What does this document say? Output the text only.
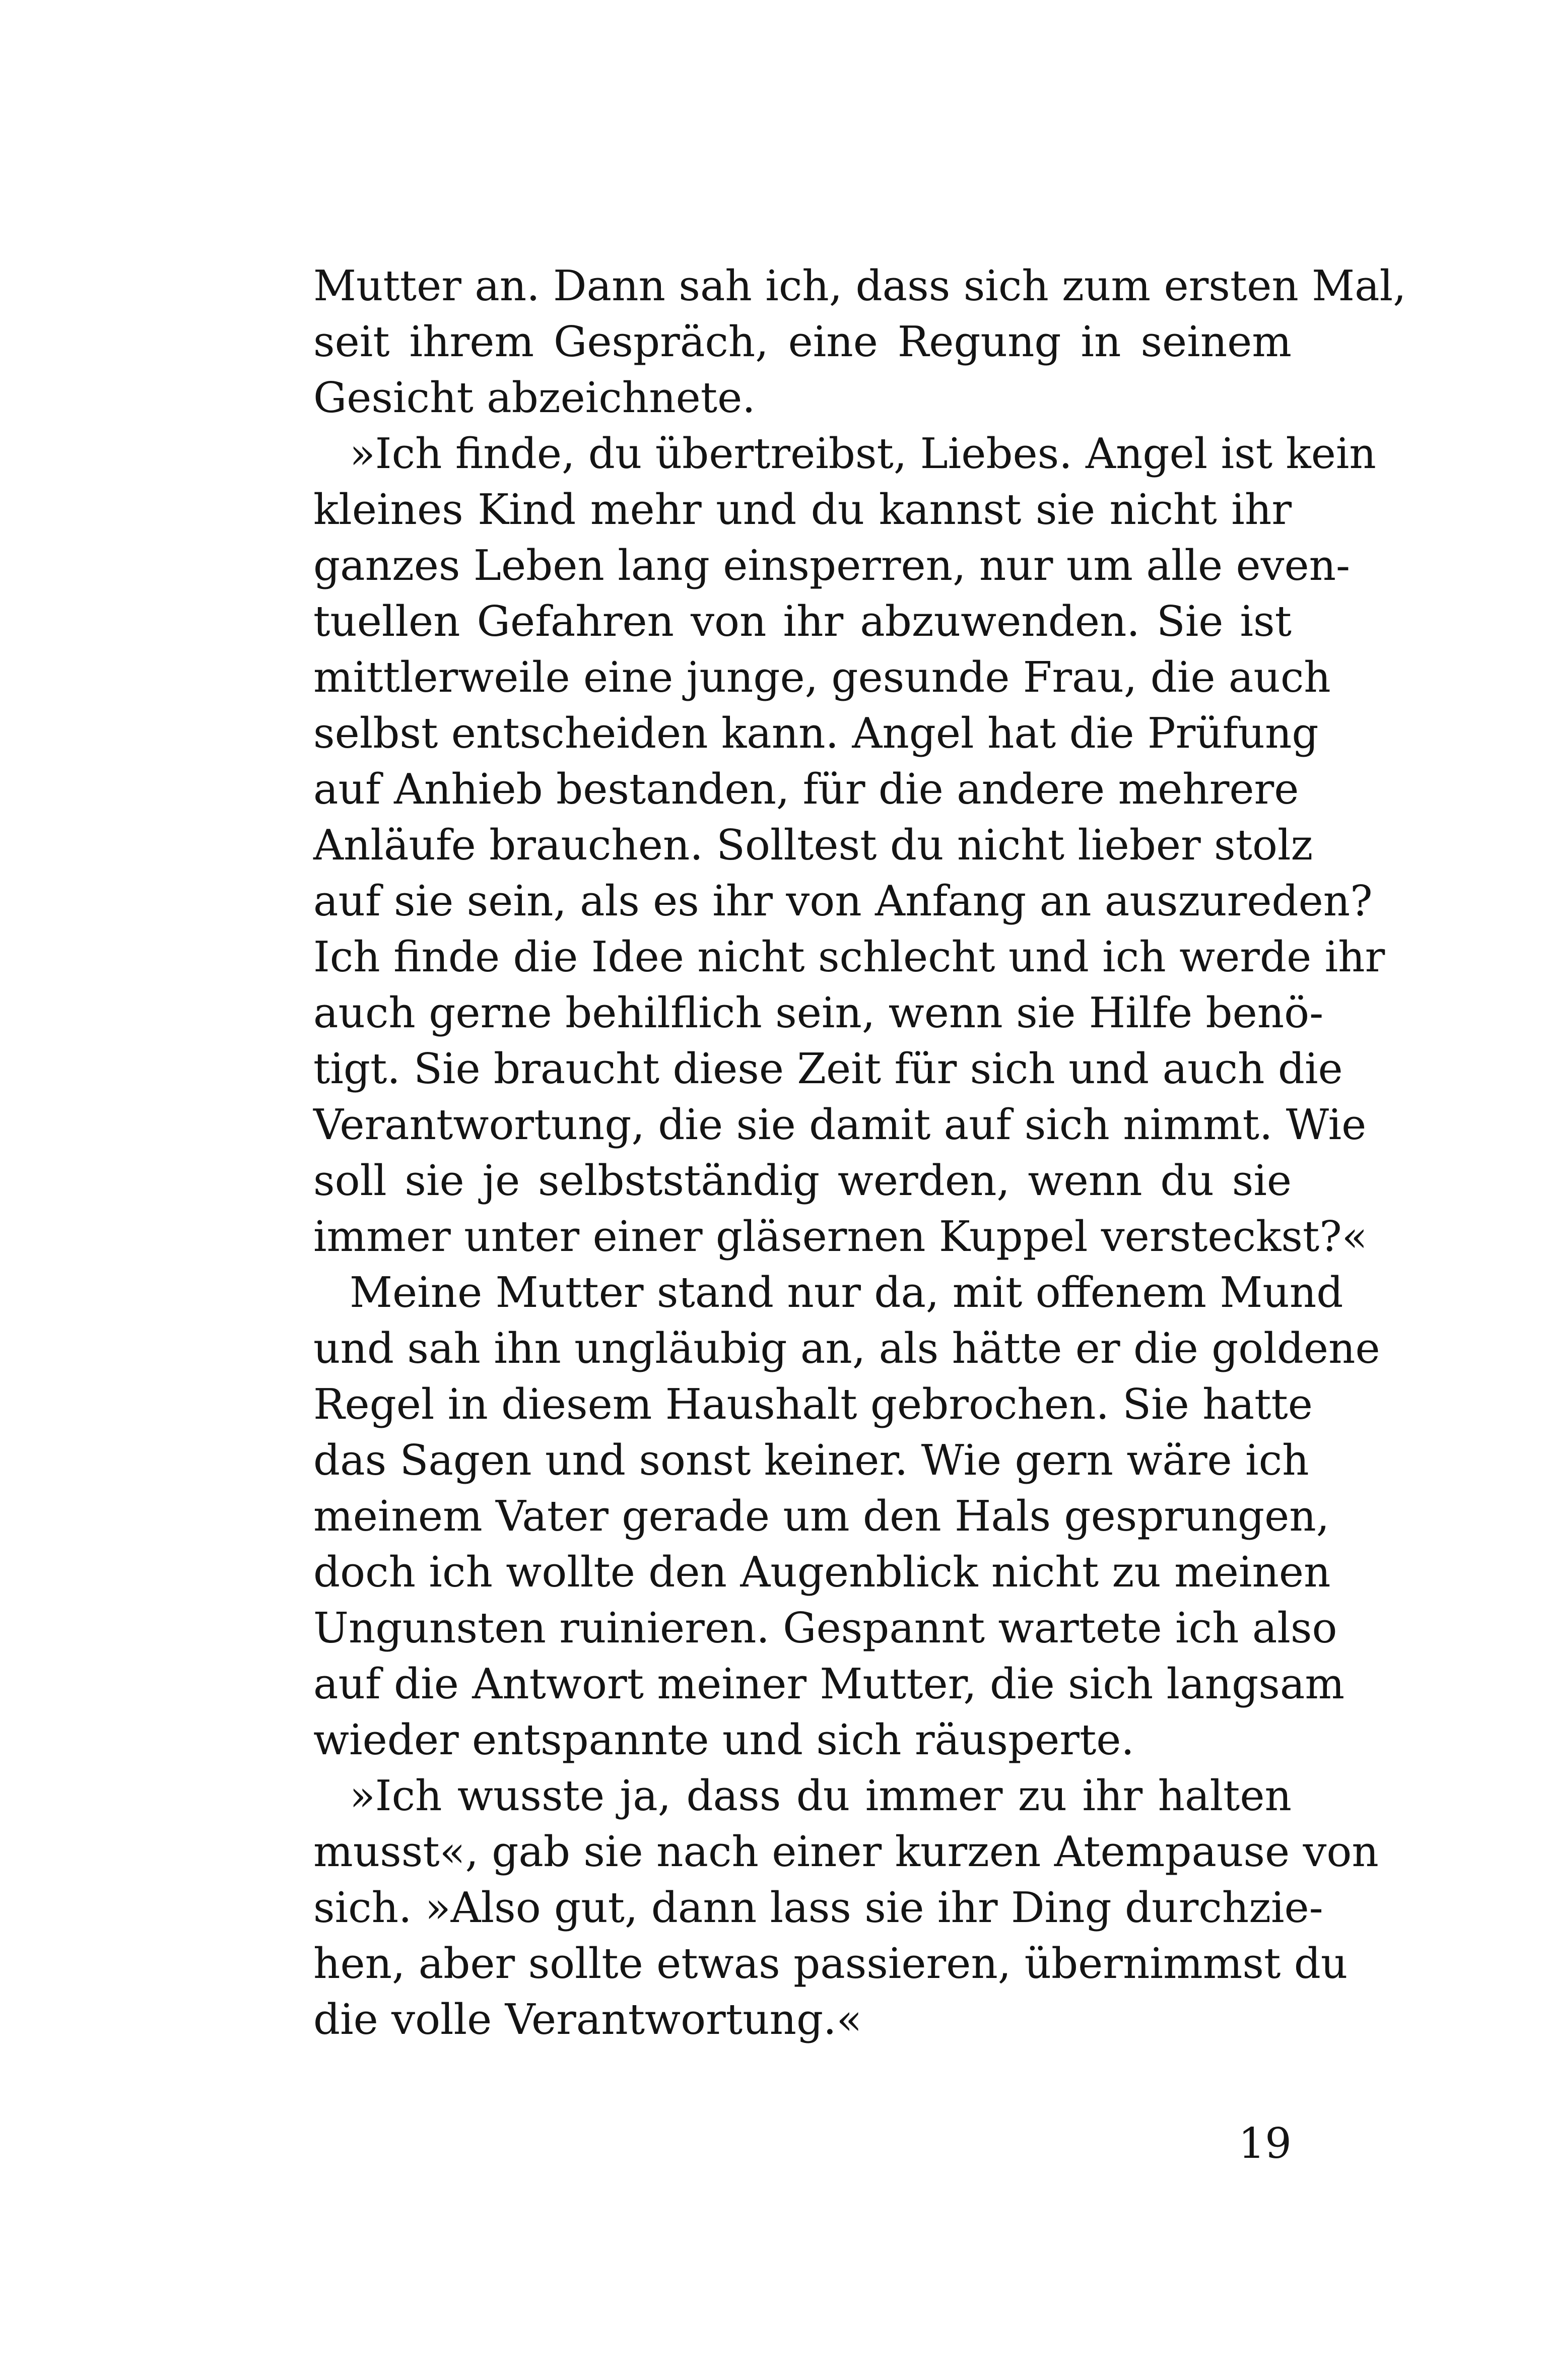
Mutter an. Dann sah ich, dass sich zum ersten Mal,
seit ihrem Gespräch, eine Regung in seinem
Gesicht abzeichnete.
»Ich finde, du übertreibst, Liebes. Angel ist kein
kleines Kind mehr und du kannst sie nicht ihr
ganzes Leben lang einsperren, nur um alle even-
tuellen Gefahren von ihr abzuwenden. Sie ist
mittlerweile eine junge, gesunde Frau, die auch
selbst entscheiden kann. Angel hat die Prüfung
auf Anhieb bestanden, für die andere mehrere
Anläufe brauchen. Solltest du nicht lieber stolz
auf sie sein, als es ihr von Anfang an auszureden?
Ich finde die Idee nicht schlecht und ich werde ihr
auch gerne behilflich sein, wenn sie Hilfe benö-
tigt. Sie braucht diese Zeit für sich und auch die
Verantwortung, die sie damit auf sich nimmt. Wie
soll sie je selbstständig werden, wenn du sie
immer unter einer gläsernen Kuppel versteckst?«
Meine Mutter stand nur da, mit offenem Mund
und sah ihn ungläubig an, als hätte er die goldene
Regel in diesem Haushalt gebrochen. Sie hatte
das Sagen und sonst keiner. Wie gern wäre ich
meinem Vater gerade um den Hals gesprungen,
doch ich wollte den Augenblick nicht zu meinen
Ungunsten ruinieren. Gespannt wartete ich also
auf die Antwort meiner Mutter, die sich langsam
wieder entspannte und sich räusperte.
»Ich wusste ja, dass du immer zu ihr halten
musst«, gab sie nach einer kurzen Atempause von
sich. »Also gut, dann lass sie ihr Ding durchzie-
hen, aber sollte etwas passieren, übernimmst du
die volle Verantwortung.«
19
